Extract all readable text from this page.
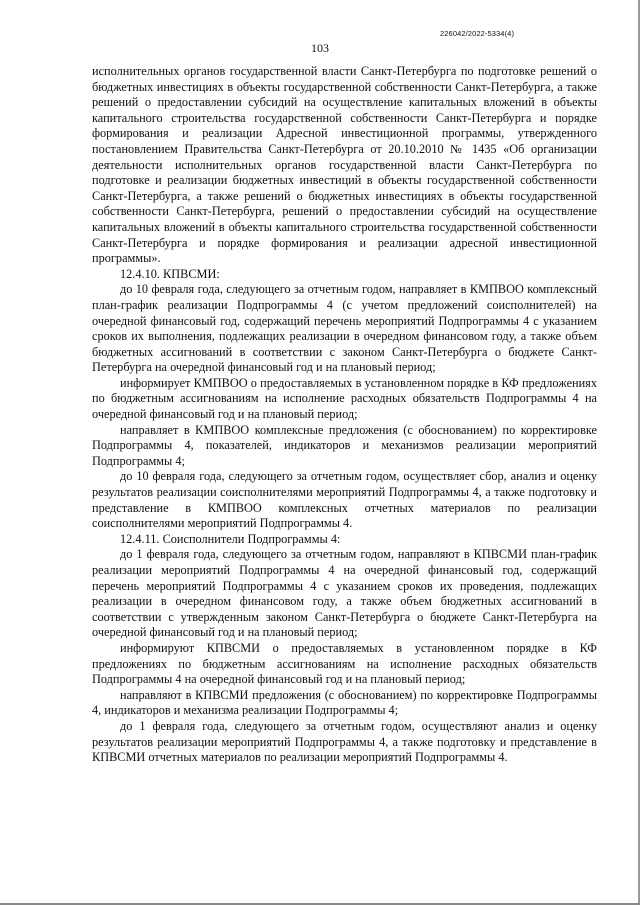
226042/2022-5334(4)
103

исполнительных органов государственной власти Санкт-Петербурга по подготовке решений о бюджетных инвестициях в объекты государственной собственности Санкт-Петербурга, а также решений о предоставлении субсидий на осуществление капитальных вложений в объекты капитального строительства государственной собственности Санкт-Петербурга и порядке формирования и реализации Адресной инвестиционной программы, утвержденного постановлением Правительства Санкт-Петербурга от 20.10.2010 № 1435 «Об организации деятельности исполнительных органов государственной власти Санкт-Петербурга по подготовке и реализации бюджетных инвестиций в объекты государственной собственности Санкт-Петербурга, а также решений о бюджетных инвестициях в объекты государственной собственности Санкт-Петербурга, решений о предоставлении субсидий на осуществление капитальных вложений в объекты капитального строительства государственной собственности Санкт-Петербурга и порядке формирования и реализации адресной инвестиционной программы».

12.4.10. КПВСМИ:

до 10 февраля года, следующего за отчетным годом, направляет в КМПВОО комплексный план-график реализации Подпрограммы 4 (с учетом предложений соисполнителей) на очередной финансовый год, содержащий перечень мероприятий Подпрограммы 4 с указанием сроков их выполнения, подлежащих реализации в очередном финансовом году, а также объем бюджетных ассигнований в соответствии с законом Санкт-Петербурга о бюджете Санкт-Петербурга на очередной финансовый год и на плановый период;

информирует КМПВОО о предоставляемых в установленном порядке в КФ предложениях по бюджетным ассигнованиям на исполнение расходных обязательств Подпрограммы 4 на очередной финансовый год и на плановый период;

направляет в КМПВОО комплексные предложения (с обоснованием) по корректировке Подпрограммы 4, показателей, индикаторов и механизмов реализации мероприятий Подпрограммы 4;

до 10 февраля года, следующего за отчетным годом, осуществляет сбор, анализ и оценку результатов реализации соисполнителями мероприятий Подпрограммы 4, а также подготовку и представление в КМПВОО комплексных отчетных материалов по реализации соисполнителями мероприятий Подпрограммы 4.

12.4.11. Соисполнители Подпрограммы 4:

до 1 февраля года, следующего за отчетным годом, направляют в КПВСМИ план-график реализации мероприятий Подпрограммы 4 на очередной финансовый год, содержащий перечень мероприятий Подпрограммы 4 с указанием сроков их проведения, подлежащих реализации в очередном финансовом году, а также объем бюджетных ассигнований в соответствии с утвержденным законом Санкт-Петербурга о бюджете Санкт-Петербурга на очередной финансовый год и на плановый период;

информируют КПВСМИ о предоставляемых в установленном порядке в КФ предложениях по бюджетным ассигнованиям на исполнение расходных обязательств Подпрограммы 4 на очередной финансовый год и на плановый период;

направляют в КПВСМИ предложения (с обоснованием) по корректировке Подпрограммы 4, индикаторов и механизма реализации Подпрограммы 4;

до 1 февраля года, следующего за отчетным годом, осуществляют анализ и оценку результатов реализации мероприятий Подпрограммы 4, а также подготовку и представление в КПВСМИ отчетных материалов по реализации мероприятий Подпрограммы 4.
